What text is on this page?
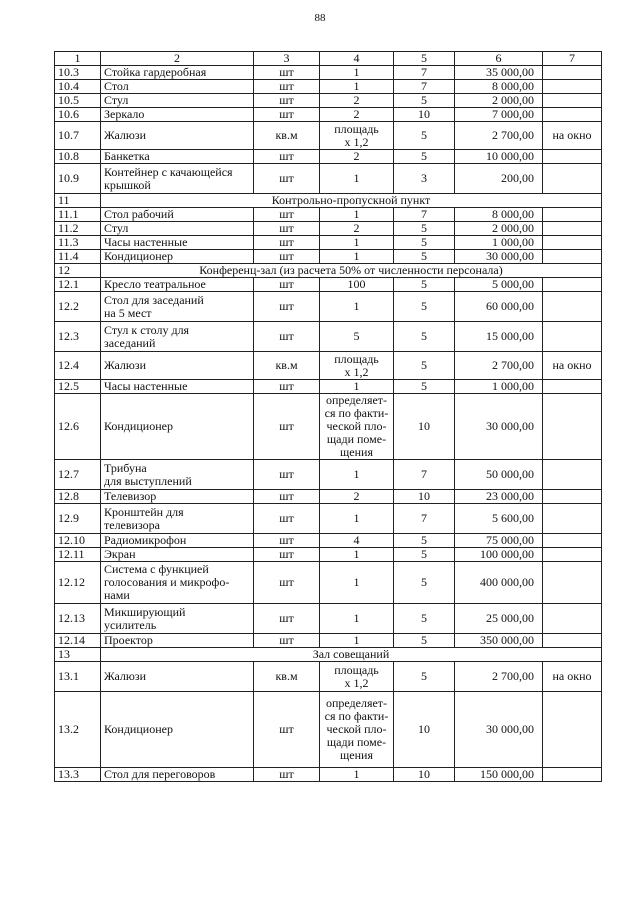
88
1	2	3	4	5	6	7
10.3	Стойка гардеробная	шт	1	7	35 000,00	
10.4	Стол	шт	1	7	8 000,00	
10.5	Стул	шт	2	5	2 000,00	
10.6	Зеркало	шт	2	10	7 000,00	
10.7	Жалюзи	кв.м	площадь
х 1,2	5	2 700,00	на окно
10.8	Банкетка	шт	2	5	10 000,00	
10.9	Контейнер с качающейся
крышкой	шт	1	3	200,00	
11	Контрольно-пропускной пункт					
11.1	Стол рабочий	шт	1	7	8 000,00	
11.2	Стул	шт	2	5	2 000,00	
11.3	Часы настенные	шт	1	5	1 000,00	
11.4	Кондиционер	шт	1	5	30 000,00	
12	Конференц-зал (из расчета 50% от численности персонала)					
12.1	Кресло театральное	шт	100	5	5 000,00	
12.2	Стол для заседаний
на 5 мест	шт	1	5	60 000,00	
12.3	Стул к столу для
заседаний	шт	5	5	15 000,00	
12.4	Жалюзи	кв.м	площадь
х 1,2	5	2 700,00	на окно
12.5	Часы настенные	шт	1	5	1 000,00	
12.6	Кондиционер	шт	определяет-
ся по факти-
ческой пло-
щади поме-
щения	10	30 000,00	
12.7	Трибуна
для выступлений	шт	1	7	50 000,00	
12.8	Телевизор	шт	2	10	23 000,00	
12.9	Кронштейн для
телевизора	шт	1	7	5 600,00	
12.10	Радиомикрофон	шт	4	5	75 000,00	
12.11	Экран	шт	1	5	100 000,00	
12.12	Система с функцией
голосования и микрофо-
нами	шт	1	5	400 000,00	
12.13	Микширующий
усилитель	шт	1	5	25 000,00	
12.14	Проектор	шт	1	5	350 000,00	
13	Зал совещаний					
13.1	Жалюзи	кв.м	площадь
х 1,2	5	2 700,00	на окно
13.2	Кондиционер	шт	определяет-
ся по факти-
ческой пло-
щади поме-
щения	10	30 000,00	
13.3	Стол для переговоров	шт	1	10	150 000,00	
